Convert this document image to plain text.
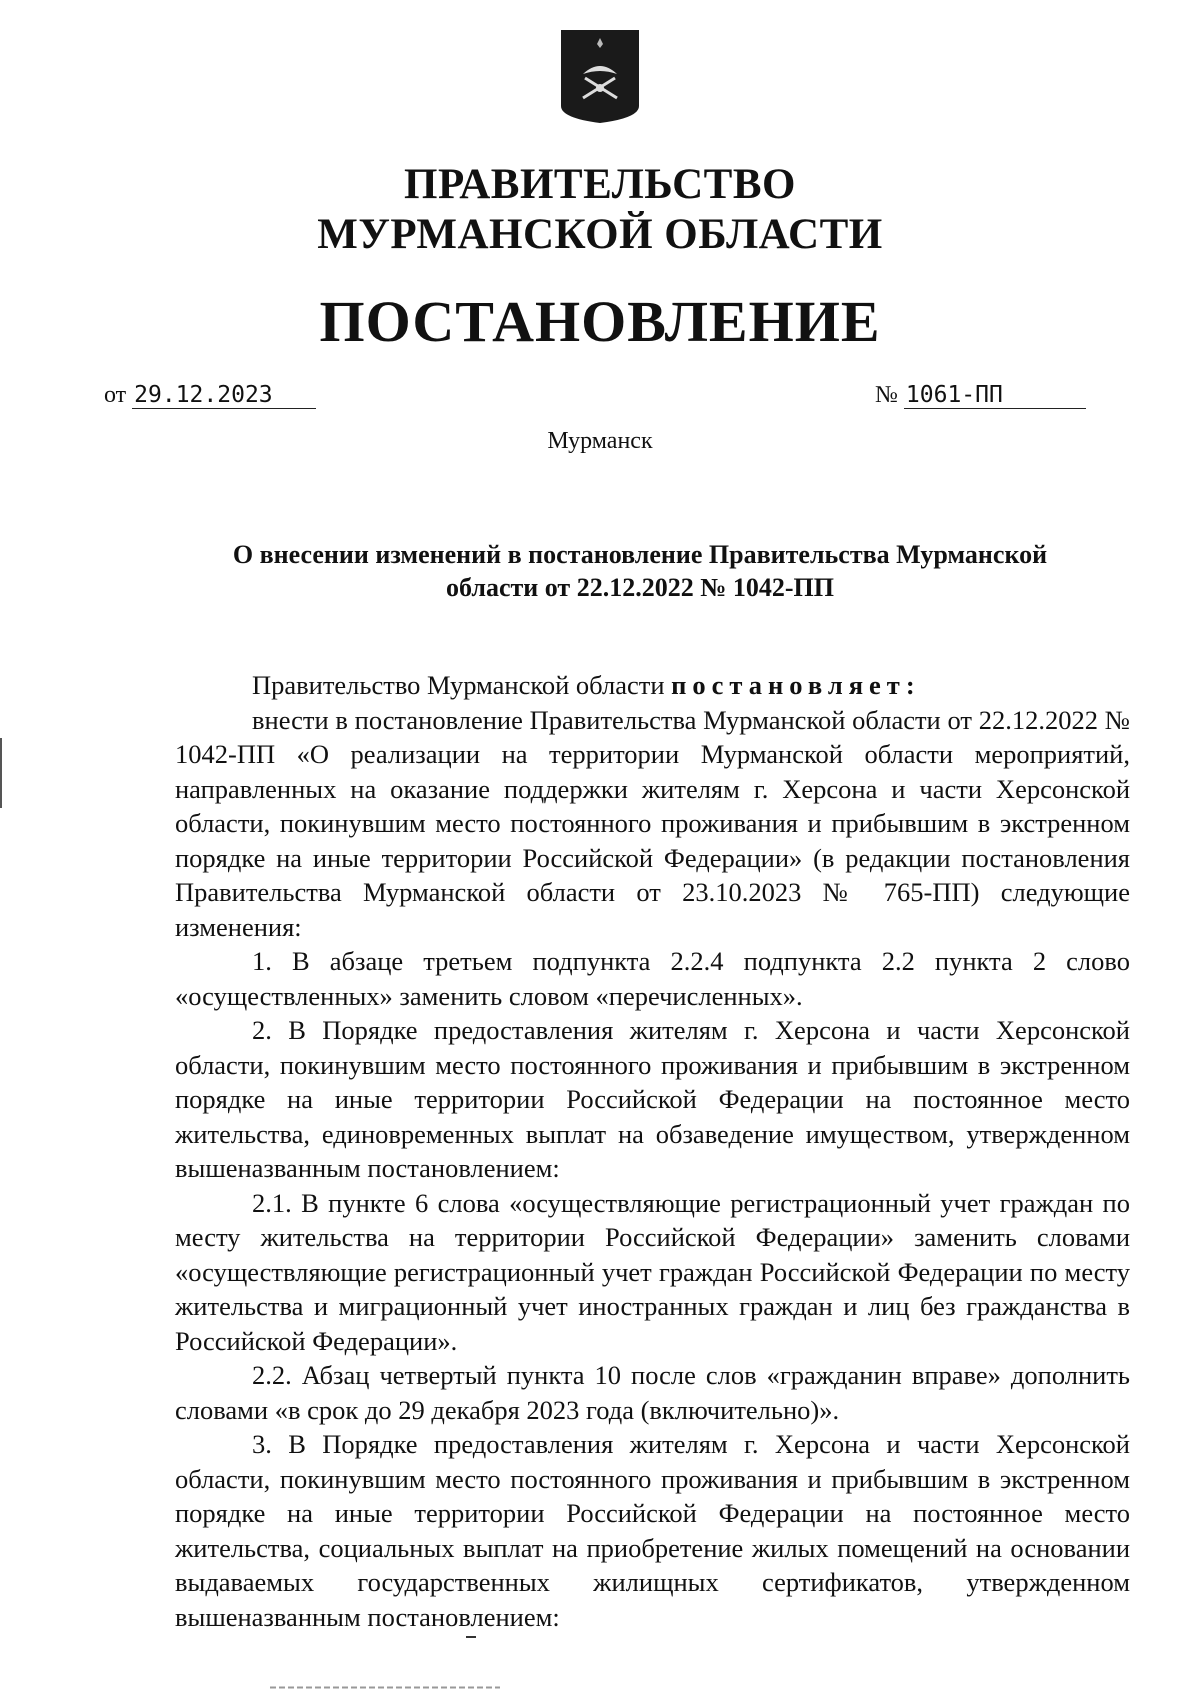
ПРАВИТЕЛЬСТВО
МУРМАНСКОЙ ОБЛАСТИ
ПОСТАНОВЛЕНИЕ
от 29.12.2023	№ 1061-ПП
Мурманск
О внесении изменений в постановление Правительства Мурманской
области от 22.12.2022 № 1042-ПП

Правительство Мурманской области постановляет:

внести в постановление Правительства Мурманской области от 22.12.2022 № 1042-ПП «О реализации на территории Мурманской области мероприятий, направленных на оказание поддержки жителям г. Херсона и части Херсонской области, покинувшим место постоянного проживания и прибывшим в экстренном порядке на иные территории Российской Федерации» (в редакции постановления Правительства Мурманской области от 23.10.2023 № 765-ПП) следующие изменения:

1. В абзаце третьем подпункта 2.2.4 подпункта 2.2 пункта 2 слово «осуществленных» заменить словом «перечисленных».

2. В Порядке предоставления жителям г. Херсона и части Херсонской области, покинувшим место постоянного проживания и прибывшим в экстренном порядке на иные территории Российской Федерации на постоянное место жительства, единовременных выплат на обзаведение имуществом, утвержденном вышеназванным постановлением:

2.1. В пункте 6 слова «осуществляющие регистрационный учет граждан по месту жительства на территории Российской Федерации» заменить словами «осуществляющие регистрационный учет граждан Российской Федерации по месту жительства и миграционный учет иностранных граждан и лиц без гражданства в Российской Федерации».

2.2. Абзац четвертый пункта 10 после слов «гражданин вправе» дополнить словами «в срок до 29 декабря 2023 года (включительно)».

3. В Порядке предоставления жителям г. Херсона и части Херсонской области, покинувшим место постоянного проживания и прибывшим в экстренном порядке на иные территории Российской Федерации на постоянное место жительства, социальных выплат на приобретение жилых помещений на основании выдаваемых государственных жилищных сертификатов, утвержденном вышеназванным постановлением:
